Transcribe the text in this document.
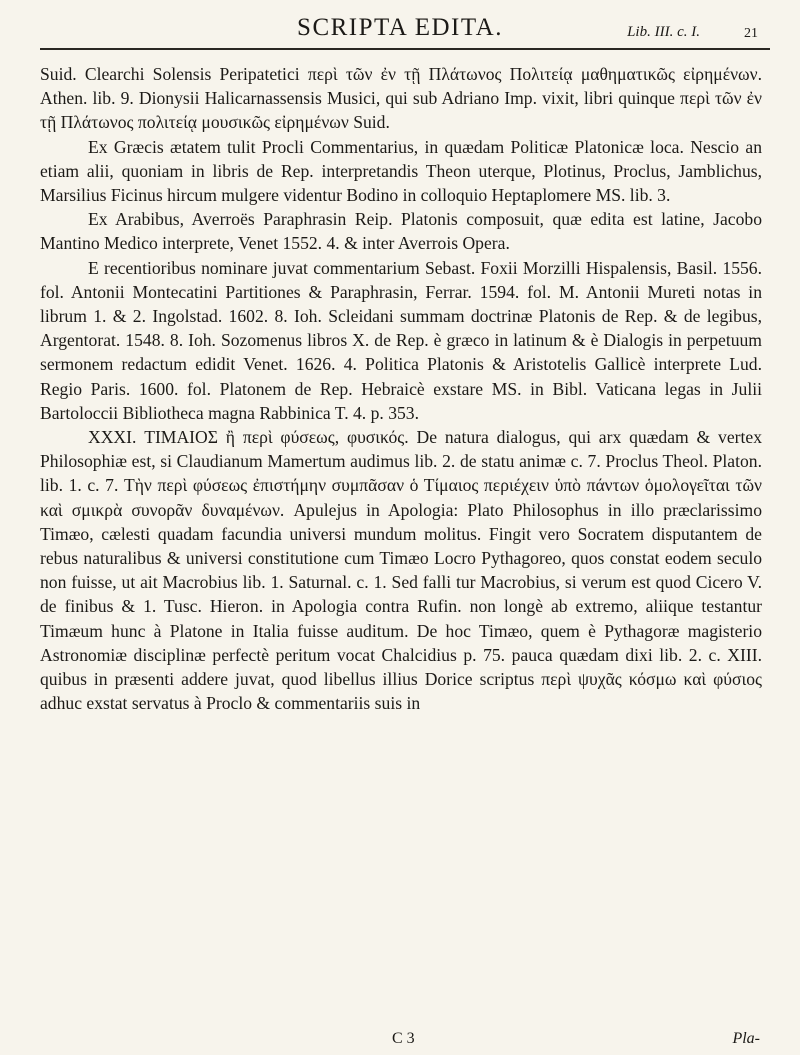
SCRIPTA EDITA.	Lib. III. c. I.	21

Suid. Clearchi Solensis Peripatetici περὶ τῶν ἐν τῇ Πλάτωνος Πολιτείᾳ μαθηματικῶς εἰρημένων. Athen. lib. 9. Dionysii Halicarnassensis Musici, qui sub Adriano Imp. vixit, libri quinque περὶ τῶν ἐν τῇ Πλάτωνος πολιτείᾳ μουσικῶς εἰρημένων Suid.

Ex Græcis ætatem tulit Procli Commentarius, in quædam Politicæ Platonicæ loca. Nescio an etiam alii, quoniam in libris de Rep. interpretandis Theon uterque, Plotinus, Proclus, Jamblichus, Marsilius Ficinus hircum mulgere videntur Bodino in colloquio Heptaplomere MS. lib. 3.

Ex Arabibus, Averroës Paraphrasin Reip. Platonis composuit, quæ edita est latine, Jacobo Mantino Medico interprete, Venet 1552. 4. & inter Averrois Opera.

E recentioribus nominare juvat commentarium Sebast. Foxii Morzilli Hispalensis, Basil. 1556. fol. Antonii Montecatini Partitiones & Paraphrasin, Ferrar. 1594. fol. M. Antonii Mureti notas in librum 1. & 2. Ingolstad. 1602. 8. Ioh. Scleidani summam doctrinæ Platonis de Rep. & de legibus, Argentorat. 1548. 8. Ioh. Sozomenus libros X. de Rep. è græco in latinum & è Dialogis in perpetuum sermonem redactum edidit Venet. 1626. 4. Politica Platonis & Aristotelis Gallicè interprete Lud. Regio Paris. 1600. fol. Platonem de Rep. Hebraicè exstare MS. in Bibl. Vaticana legas in Julii Bartoloccii Bibliotheca magna Rabbinica T. 4. p. 353.

XXXI. ΤΙΜΑΙΟΣ ἢ περὶ φύσεως, φυσικός. De natura dialogus, qui arx quædam & vertex Philosophiæ est, si Claudianum Mamertum audimus lib. 2. de statu animæ c. 7. Proclus Theol. Platon. lib. 1. c. 7. Τὴν περὶ φύσεως ἐπιστήμην συμπᾶσαν ὁ Τίμαιος περιέχειν ὑπὸ πάντων ὁμολογεῖται τῶν καὶ σμικρὰ συνορᾶν δυναμένων. Apulejus in Apologia: Plato Philosophus in illo præclarissimo Timæo, cælesti quadam facundia universi mundum molitus. Fingit vero Socratem disputantem de rebus naturalibus & universi constitutione cum Timæo Locro Pythagoreo, quos constat eodem seculo non fuisse, ut ait Macrobius lib. 1. Saturnal. c. 1. Sed falli tur Macrobius, si verum est quod Cicero V. de finibus & 1. Tusc. Hieron. in Apologia contra Rufin. non longè ab extremo, aliique testantur Timæum hunc à Platone in Italia fuisse auditum. De hoc Timæo, quem è Pythagoræ magisterio Astronomiæ disciplinæ perfectè peritum vocat Chalcidius p. 75. pauca quædam dixi lib. 2. c. XIII. quibus in præsenti addere juvat, quod libellus illius Dorice scriptus περὶ ψυχᾶς κόσμω καὶ φύσιος adhuc exstat servatus à Proclo & commentariis suis in

C 3	Pla-
